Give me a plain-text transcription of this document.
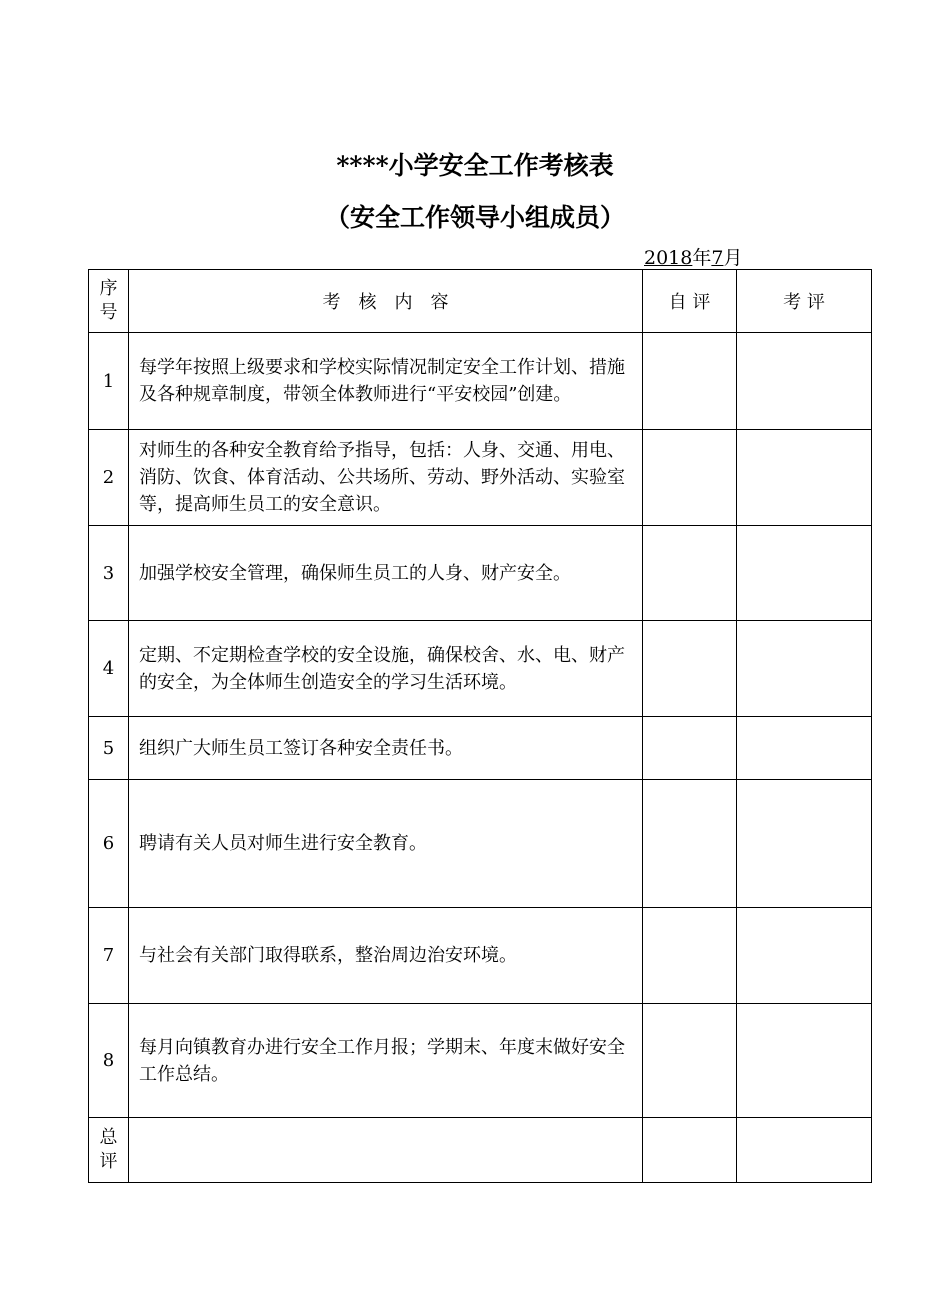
****小学安全工作考核表
（安全工作领导小组成员）
2018年7月
序
号	考　核　内　容	自 评	考 评
1	每学年按照上级要求和学校实际情况制定安全工作计划、措施及各种规章制度，带领全体教师进行“平安校园”创建。		
2	对师生的各种安全教育给予指导，包括：人身、交通、用电、消防、饮食、体育活动、公共场所、劳动、野外活动、实验室等，提高师生员工的安全意识。		
3	加强学校安全管理，确保师生员工的人身、财产安全。		
4	定期、不定期检查学校的安全设施，确保校舍、水、电、财产的安全，为全体师生创造安全的学习生活环境。		
5	组织广大师生员工签订各种安全责任书。		
6	聘请有关人员对师生进行安全教育。		
7	与社会有关部门取得联系，整治周边治安环境。		
8	每月向镇教育办进行安全工作月报；学期末、年度末做好安全工作总结。		

总
评			
